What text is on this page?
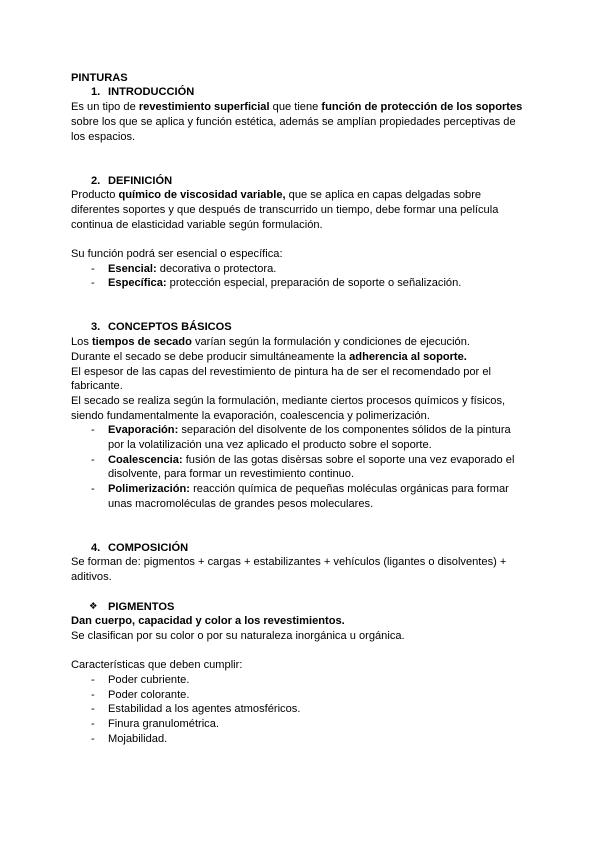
PINTURAS
1. INTRODUCCIÓN
Es un tipo de revestimiento superficial que tiene función de protección de los soportes
sobre los que se aplica y función estética, además se amplían propiedades perceptivas de
los espacios.
2. DEFINICIÓN
Producto químico de viscosidad variable, que se aplica en capas delgadas sobre
diferentes soportes y que después de transcurrido un tiempo, debe formar una película
continua de elasticidad variable según formulación.
Su función podrá ser esencial o específica:
- Esencial: decorativa o protectora.
- Específica: protección especial, preparación de soporte o señalización.
3. CONCEPTOS BÁSICOS
Los tiempos de secado varían según la formulación y condiciones de ejecución.
Durante el secado se debe producir simultáneamente la adherencia al soporte.
El espesor de las capas del revestimiento de pintura ha de ser el recomendado por el
fabricante.
El secado se realiza según la formulación, mediante ciertos procesos químicos y físicos,
siendo fundamentalmente la evaporación, coalescencia y polimerización.
- Evaporación: separación del disolvente de los componentes sólidos de la pintura
por la volatilización una vez aplicado el producto sobre el soporte.
- Coalescencia: fusión de las gotas disèrsas sobre el soporte una vez evaporado el
disolvente, para formar un revestimiento continuo.
- Polimerización: reacción química de pequeñas moléculas orgánicas para formar
unas macromoléculas de grandes pesos moleculares.
4. COMPOSICIÓN
Se forman de: pigmentos + cargas + estabilizantes + vehículos (ligantes o disolventes) +
aditivos.
❖ PIGMENTOS
Dan cuerpo, capacidad y color a los revestimientos.
Se clasifican por su color o por su naturaleza inorgánica u orgánica.
Características que deben cumplir:
- Poder cubriente.
- Poder colorante.
- Estabilidad a los agentes atmosféricos.
- Finura granulométrica.
- Mojabilidad.
